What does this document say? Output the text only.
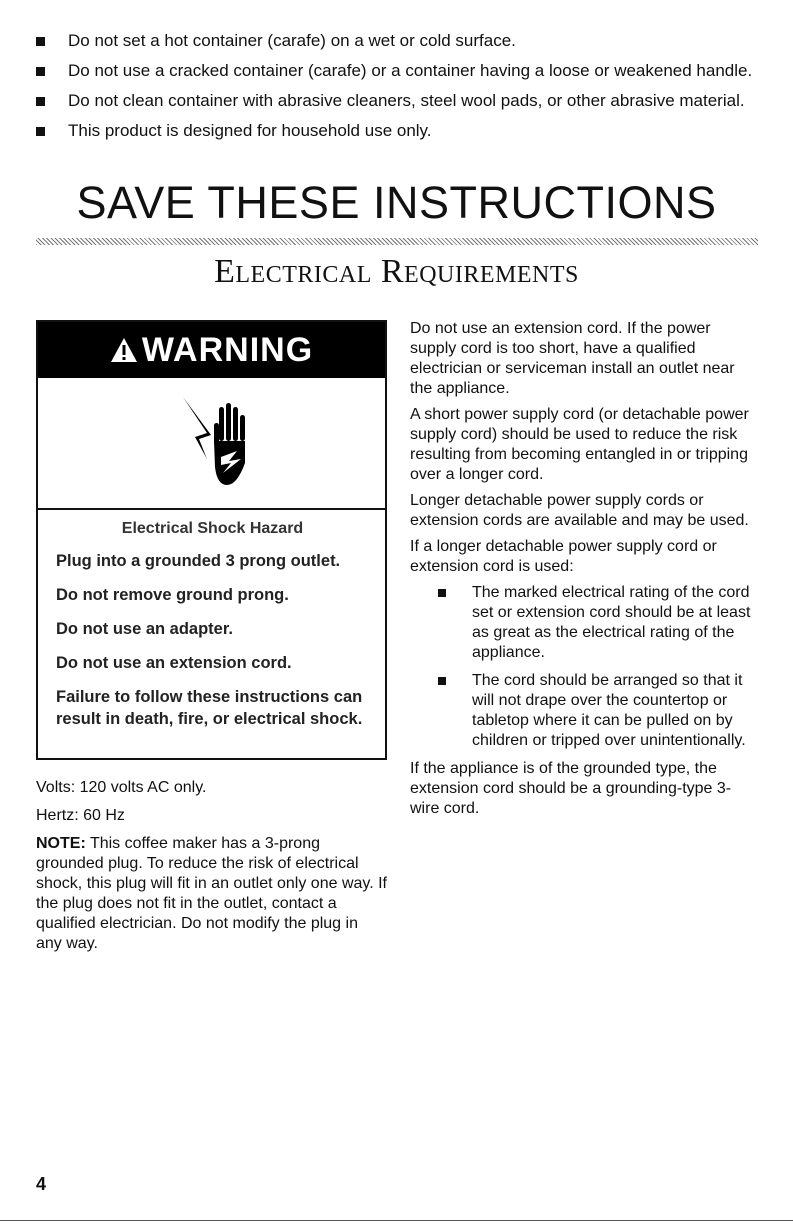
Do not set a hot container (carafe) on a wet or cold surface.
Do not use a cracked container (carafe) or a container having a loose or weakened handle.
Do not clean container with abrasive cleaners, steel wool pads, or other abrasive material.
This product is designed for household use only.
SAVE THESE INSTRUCTIONS
Electrical Requirements
WARNING

Electrical Shock Hazard

Plug into a grounded 3 prong outlet.

Do not remove ground prong.

Do not use an adapter.

Do not use an extension cord.

Failure to follow these instructions can result in death, fire, or electrical shock.

Volts: 120 volts AC only.

Hertz: 60 Hz

NOTE: This coffee maker has a 3-prong grounded plug. To reduce the risk of electrical shock, this plug will fit in an outlet only one way. If the plug does not fit in the outlet, contact a qualified electrician. Do not modify the plug in any way.

Do not use an extension cord. If the power supply cord is too short, have a qualified electrician or serviceman install an outlet near the appliance.

A short power supply cord (or detachable power supply cord) should be used to reduce the risk resulting from becoming entangled in or tripping over a longer cord.

Longer detachable power supply cords or extension cords are available and may be used.

If a longer detachable power supply cord or extension cord is used:

The marked electrical rating of the cord set or extension cord should be at least as great as the electrical rating of the appliance.
The cord should be arranged so that it will not drape over the countertop or tabletop where it can be pulled on by children or tripped over unintentionally.

If the appliance is of the grounded type, the extension cord should be a grounding-type 3-wire cord.

4
